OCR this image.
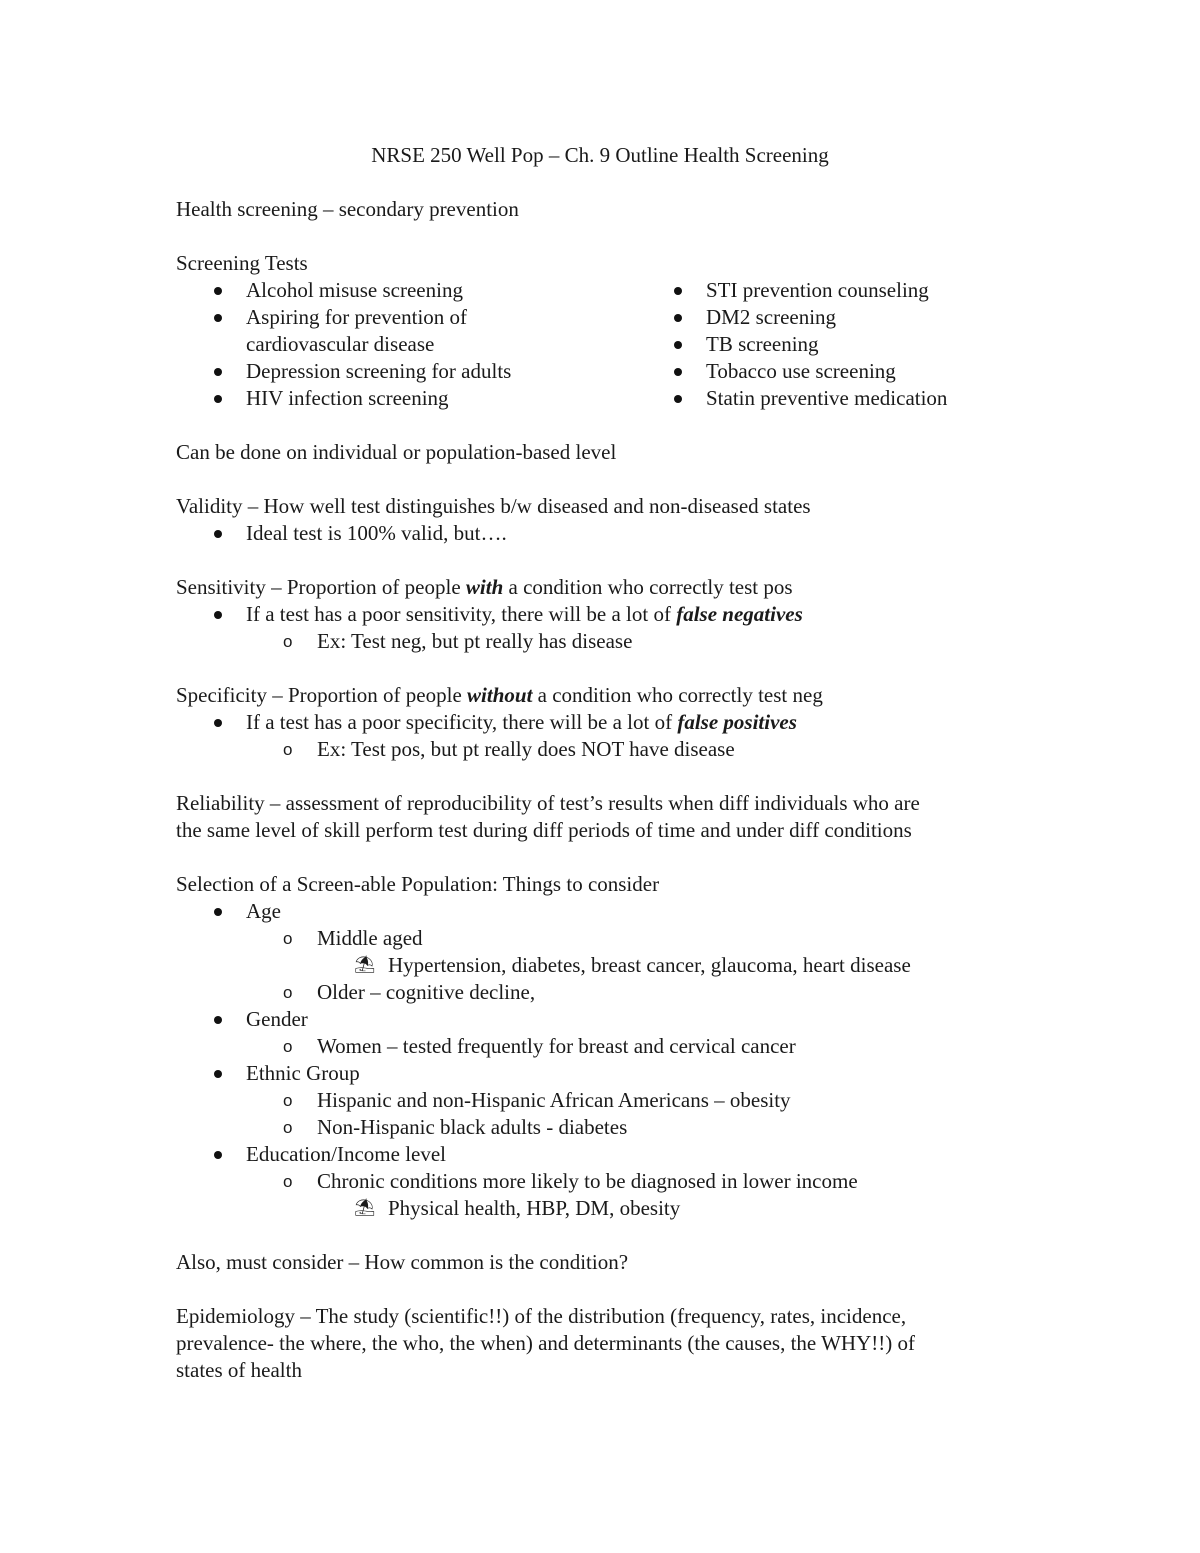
NRSE 250 Well Pop – Ch. 9 Outline Health Screening

Health screening – secondary prevention

Screening Tests

Alcohol misuse screening
Aspiring for prevention of cardiovascular disease
Depression screening for adults
HIV infection screening
STI prevention counseling
DM2 screening
TB screening
Tobacco use screening
Statin preventive medication

Can be done on individual or population-based level

Validity – How well test distinguishes b/w diseased and non-diseased states

Ideal test is 100% valid, but….

Sensitivity – Proportion of people with a condition who correctly test pos

If a test has a poor sensitivity, there will be a lot of false negatives
o Ex: Test neg, but pt really has disease

Specificity – Proportion of people without a condition who correctly test neg

If a test has a poor specificity, there will be a lot of false positives
o Ex: Test pos, but pt really does NOT have disease

Reliability – assessment of reproducibility of test’s results when diff individuals who are

the same level of skill perform test during diff periods of time and under diff conditions

Selection of a Screen-able Population: Things to consider

Age
o Middle aged
⛱ Hypertension, diabetes, breast cancer, glaucoma, heart disease
o Older – cognitive decline,
Gender
o Women – tested frequently for breast and cervical cancer
Ethnic Group
o Hispanic and non-Hispanic African Americans – obesity
o Non-Hispanic black adults - diabetes
Education/Income level
o Chronic conditions more likely to be diagnosed in lower income
⛱ Physical health, HBP, DM, obesity

Also, must consider – How common is the condition?

Epidemiology – The study (scientific!!) of the distribution (frequency, rates, incidence,

prevalence- the where, the who, the when) and determinants (the causes, the WHY!!) of

states of health
